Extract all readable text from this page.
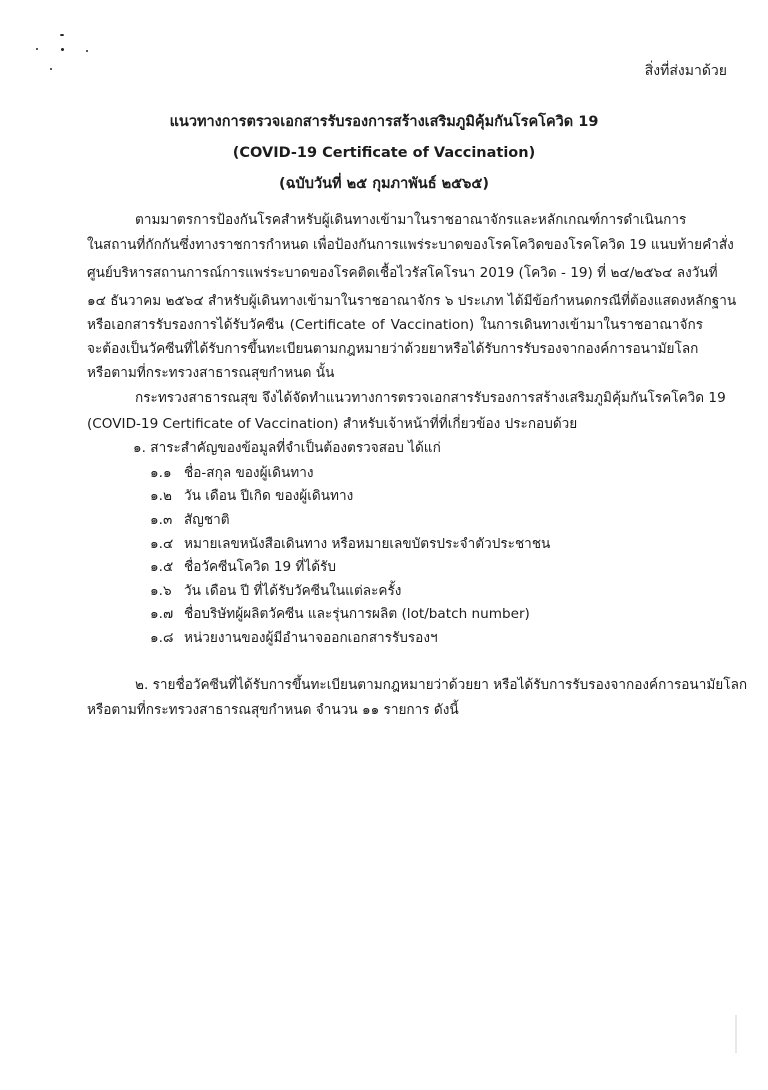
สิ่งที่ส่งมาด้วย
แนวทางการตรวจเอกสารรับรองการสร้างเสริมภูมิคุ้มกันโรคโควิด 19
(COVID-19 Certificate of Vaccination)
(ฉบับวันที่ ๒๕ กุมภาพันธ์ ๒๕๖๕)
ตามมาตรการป้องกันโรคสำหรับผู้เดินทางเข้ามาในราชอาณาจักรและหลักเกณฑ์การดำเนินการ
ในสถานที่กักกันซึ่งทางราชการกำหนด เพื่อป้องกันการแพร่ระบาดของโรคโควิดของโรคโควิด 19 แนบท้ายคำสั่ง
ศูนย์บริหารสถานการณ์การแพร่ระบาดของโรคติดเชื้อไวรัสโคโรนา 2019 (โควิด - 19) ที่ ๒๔/๒๕๖๔ ลงวันที่
๑๔ ธันวาคม ๒๕๖๔ สำหรับผู้เดินทางเข้ามาในราชอาณาจักร ๖ ประเภท ได้มีข้อกำหนดกรณีที่ต้องแสดงหลักฐาน
หรือเอกสารรับรองการได้รับวัคซีน (Certificate of Vaccination) ในการเดินทางเข้ามาในราชอาณาจักร
จะต้องเป็นวัคซีนที่ได้รับการขึ้นทะเบียนตามกฎหมายว่าด้วยยาหรือได้รับการรับรองจากองค์การอนามัยโลก
หรือตามที่กระทรวงสาธารณสุขกำหนด นั้น
กระทรวงสาธารณสุข จึงได้จัดทำแนวทางการตรวจเอกสารรับรองการสร้างเสริมภูมิคุ้มกันโรคโควิด 19
(COVID-19 Certificate of Vaccination) สำหรับเจ้าหน้าที่ที่เกี่ยวข้อง ประกอบด้วย
๑. สาระสำคัญของข้อมูลที่จำเป็นต้องตรวจสอบ ได้แก่
๑.๑ ชื่อ-สกุล ของผู้เดินทาง
๑.๒ วัน เดือน ปีเกิด ของผู้เดินทาง
๑.๓ สัญชาติ
๑.๔ หมายเลขหนังสือเดินทาง หรือหมายเลขบัตรประจำตัวประชาชน
๑.๕ ชื่อวัคซีนโควิด 19 ที่ได้รับ
๑.๖ วัน เดือน ปี ที่ได้รับวัคซีนในแต่ละครั้ง
๑.๗ ชื่อบริษัทผู้ผลิตวัคซีน และรุ่นการผลิต (lot/batch number)
๑.๘ หน่วยงานของผู้มีอำนาจออกเอกสารรับรองฯ
๒. รายชื่อวัคซีนที่ได้รับการขึ้นทะเบียนตามกฎหมายว่าด้วยยา หรือได้รับการรับรองจากองค์การอนามัยโลก
หรือตามที่กระทรวงสาธารณสุขกำหนด จำนวน ๑๑ รายการ ดังนี้
